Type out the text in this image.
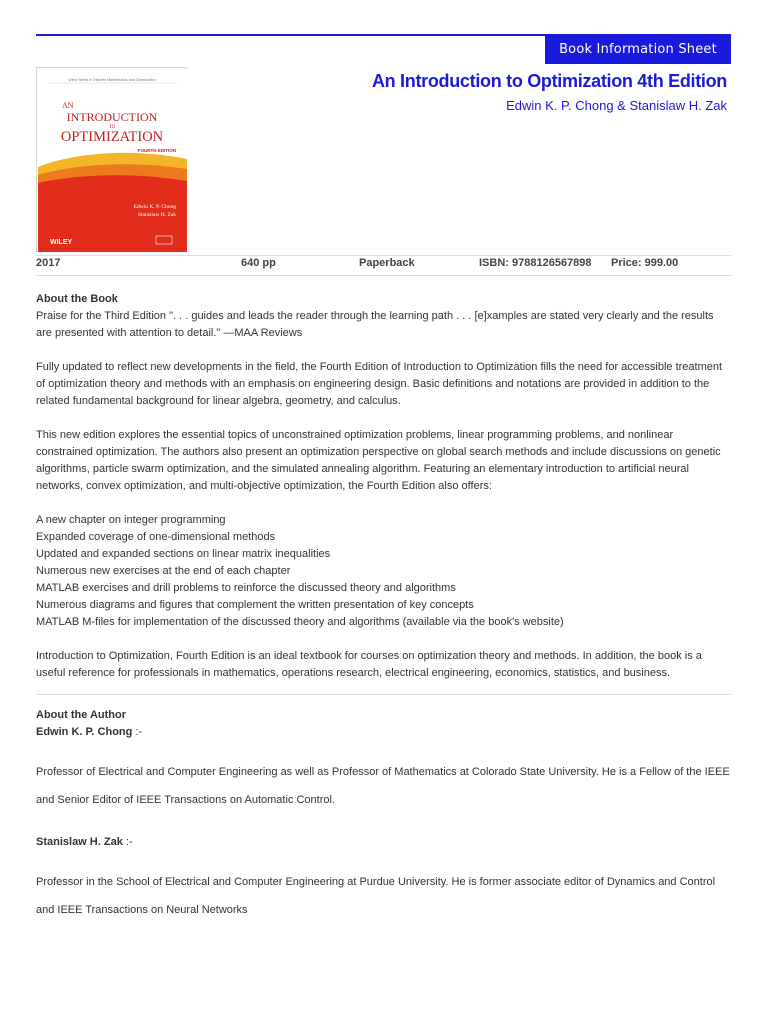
Book Information Sheet
Wiley Series in Discrete Mathematics and Optimization
AN
INTRODUCTION
TO
OPTIMIZATION
FOURTH EDITION
Edwin K. P. Chong
Stanislaw H. Zak
WILEY
An Introduction to Optimization 4th Edition
Edwin K. P. Chong & Stanislaw H. Zak
2017	640 pp	Paperback	ISBN: 9788126567898 Price: 999.00

About the Book

Praise for the Third Edition ". . . guides and leads the reader through the learning path . . . [e]xamples are stated very clearly and the results are presented with attention to detail." —MAA Reviews

Fully updated to reflect new developments in the field, the Fourth Edition of Introduction to Optimization fills the need for accessible treatment of optimization theory and methods with an emphasis on engineering design. Basic definitions and notations are provided in addition to the related fundamental background for linear algebra, geometry, and calculus.

This new edition explores the essential topics of unconstrained optimization problems, linear programming problems, and nonlinear constrained optimization. The authors also present an optimization perspective on global search methods and include discussions on genetic algorithms, particle swarm optimization, and the simulated annealing algorithm. Featuring an elementary introduction to artificial neural networks, convex optimization, and multi-objective optimization, the Fourth Edition also offers:

A new chapter on integer programming

Expanded coverage of one-dimensional methods

Updated and expanded sections on linear matrix inequalities

Numerous new exercises at the end of each chapter

MATLAB exercises and drill problems to reinforce the discussed theory and algorithms

Numerous diagrams and figures that complement the written presentation of key concepts

MATLAB M-files for implementation of the discussed theory and algorithms (available via the book's website)

Introduction to Optimization, Fourth Edition is an ideal textbook for courses on optimization theory and methods. In addition, the book is a useful reference for professionals in mathematics, operations research, electrical engineering, economics, statistics, and business.

About the Author

Edwin K. P. Chong :-

Professor of Electrical and Computer Engineering as well as Professor of Mathematics at Colorado State University. He is a Fellow of the IEEE and Senior Editor of IEEE Transactions on Automatic Control.

Stanislaw H. Zak :-

Professor in the School of Electrical and Computer Engineering at Purdue University. He is former associate editor of Dynamics and Control and IEEE Transactions on Neural Networks
